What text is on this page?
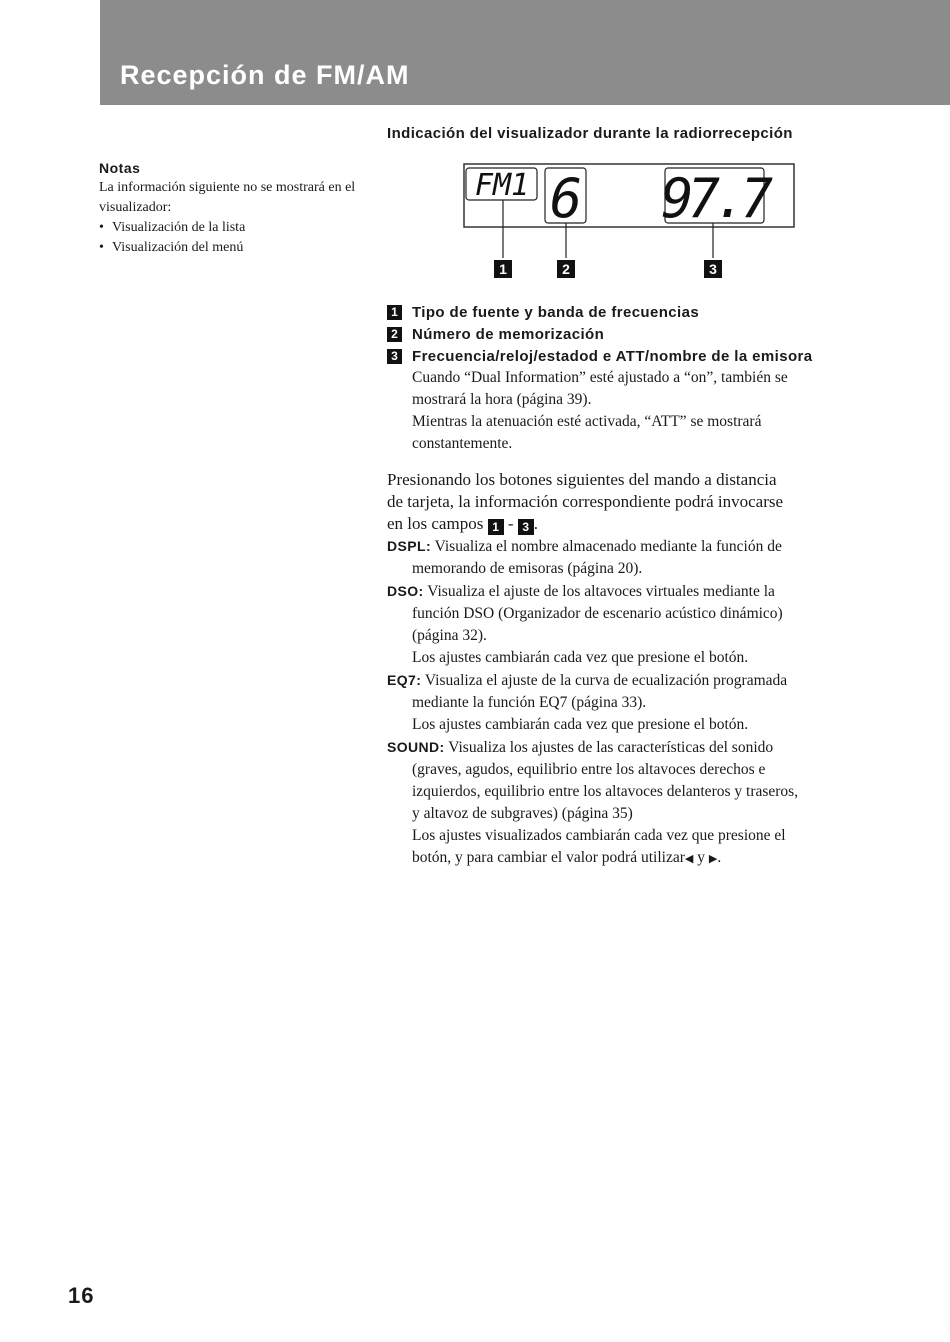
Recepción de FM/AM

Notas

La información siguiente no se mostrará en el visualizador:

• Visualización de la lista
• Visualización del menú
Indicación del visualizador durante la radiorrecepción
FM1 6 97.7
1	2	3
1 Tipo de fuente y banda de frecuencias
2 Número de memorización
3 Frecuencia/reloj/estadod e ATT/nombre de la emisora

Cuando “Dual Information” esté ajustado a “on”, también se

mostrará la hora (página 39).

Mientras la atenuación esté activada, “ATT” se mostrará

constantemente.

Presionando los botones siguientes del mando a distancia
de tarjeta, la información correspondiente podrá invocarse
en los campos 1 - 3 .

DSPL: Visualiza el nombre almacenado mediante la función de

memorando de emisoras (página 20).

DSO: Visualiza el ajuste de los altavoces virtuales mediante la

función DSO (Organizador de escenario acústico dinámico)

(página 32).

Los ajustes cambiarán cada vez que presione el botón.

EQ7: Visualiza el ajuste de la curva de ecualización programada

mediante la función EQ7 (página 33).

Los ajustes cambiarán cada vez que presione el botón.

SOUND: Visualiza los ajustes de las características del sonido

(graves, agudos, equilibrio entre los altavoces derechos e

izquierdos, equilibrio entre los altavoces delanteros y traseros,

y altavoz de subgraves) (página 35)

Los ajustes visualizados cambiarán cada vez que presione el

botón, y para cambiar el valor podrá utilizar◀ y ▶.

16
